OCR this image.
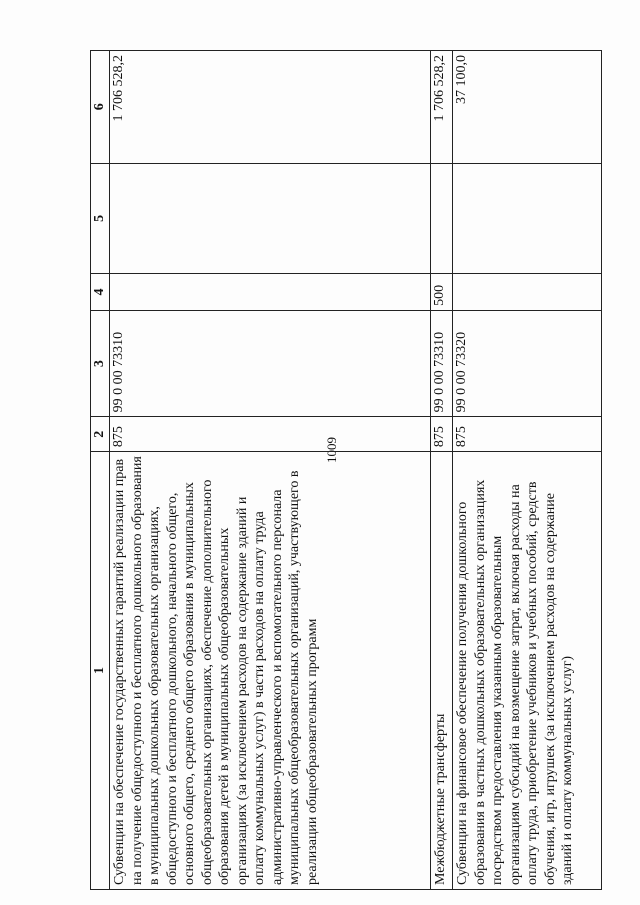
1009
1	2	3	4	5	6
Субвенции на обеспечение государственных гарантий реализации прав на получение общедоступного и бесплатного дошкольного образования в муниципальных дошкольных образовательных организациях, общедоступного и бесплатного дошкольного, начального общего, основного общего, среднего общего образования в муниципальных общеобразовательных организациях, обеспечение дополнительного образования детей в муниципальных общеобразовательных организациях (за исключением расходов на содержание зданий и оплату коммунальных услуг) в части расходов на оплату труда административно-управленческого и вспомогательного персонала муниципальных общеобразовательных организаций, участвующего в реализации общеобразовательных программ	875	99 0 00 73310			1 706 528,2
Межбюджетные трансферты	875	99 0 00 73310	500		1 706 528,2
Субвенции на финансовое обеспечение получения дошкольного образования в частных дошкольных образовательных организациях посредством предоставления указанным образовательным организациям субсидий на возмещение затрат, включая расходы на оплату труда, приобретение учебников и учебных пособий, средств обучения, игр, игрушек (за исключением расходов на содержание зданий и оплату коммунальных услуг)	875	99 0 00 73320			37 100,0
